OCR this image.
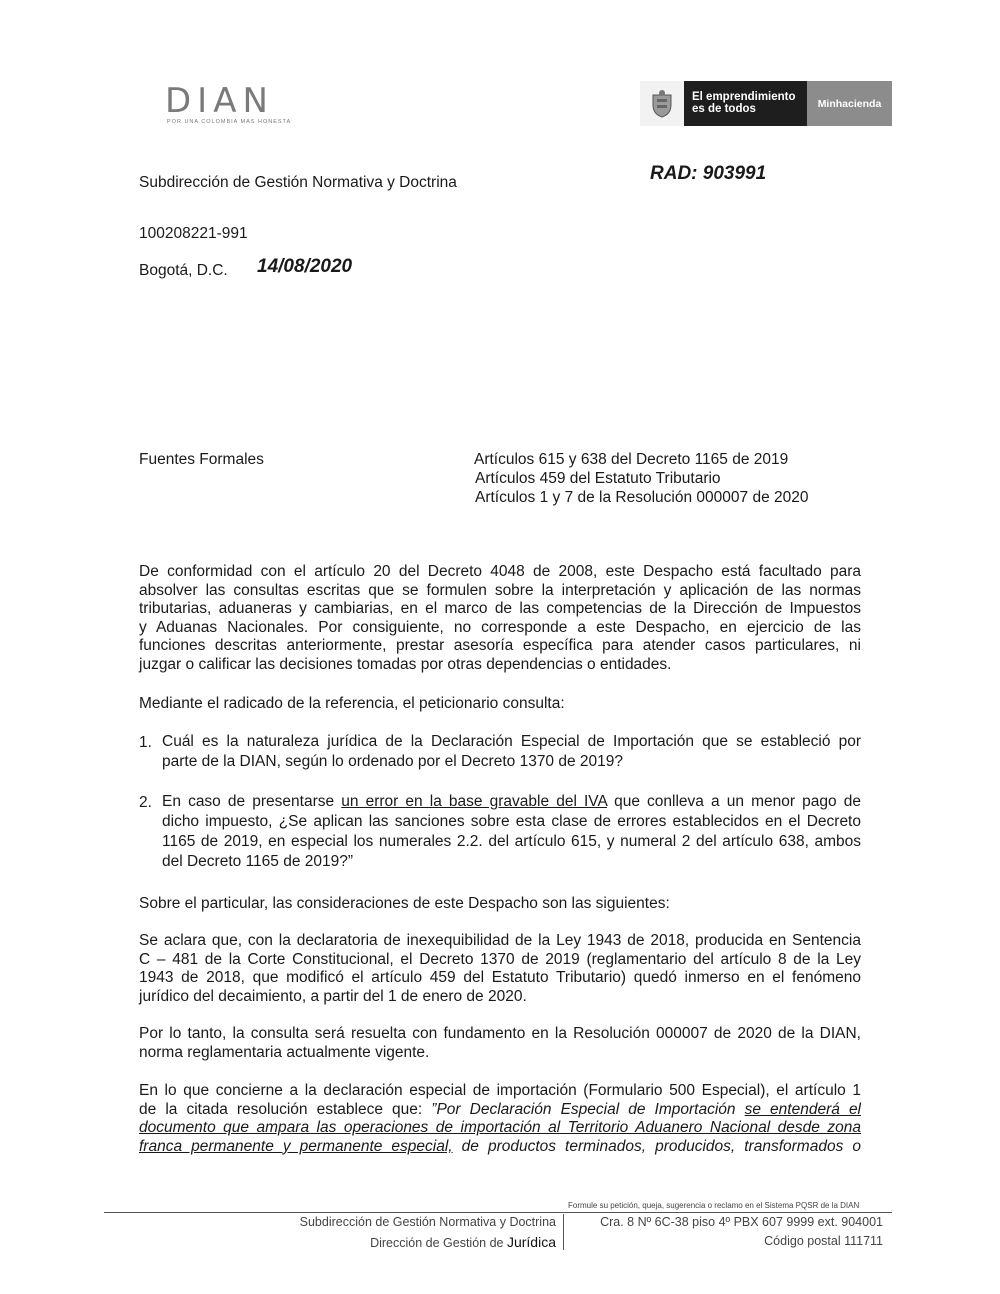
DIAN
POR UNA COLOMBIA MÁS HONESTA
El emprendimiento
es de todos	Minhacienda
Subdirección de Gestión Normativa y Doctrina	RAD: 903991
100208221-991
Bogotá, D.C. 14/08/2020
Fuentes Formales	Artículos 615 y 638 del Decreto 1165 de 2019
Artículos 459 del Estatuto Tributario
Artículos 1 y 7 de la Resolución 000007 de 2020
De conformidad con el artículo 20 del Decreto 4048 de 2008, este Despacho está facultado para
absolver las consultas escritas que se formulen sobre la interpretación y aplicación de las normas
tributarias, aduaneras y cambiarias, en el marco de las competencias de la Dirección de Impuestos
y Aduanas Nacionales. Por consiguiente, no corresponde a este Despacho, en ejercicio de las
funciones descritas anteriormente, prestar asesoría específica para atender casos particulares, ni
juzgar o calificar las decisiones tomadas por otras dependencias o entidades.
Mediante el radicado de la referencia, el peticionario consulta:
1. Cuál es la naturaleza jurídica de la Declaración Especial de Importación que se estableció por
parte de la DIAN, según lo ordenado por el Decreto 1370 de 2019?
2. En caso de presentarse un error en la base gravable del IVA que conlleva a un menor pago de
dicho impuesto, ¿Se aplican las sanciones sobre esta clase de errores establecidos en el Decreto
1165 de 2019, en especial los numerales 2.2. del artículo 615, y numeral 2 del artículo 638, ambos
del Decreto 1165 de 2019?”
Sobre el particular, las consideraciones de este Despacho son las siguientes:
Se aclara que, con la declaratoria de inexequibilidad de la Ley 1943 de 2018, producida en Sentencia
C – 481 de la Corte Constitucional, el Decreto 1370 de 2019 (reglamentario del artículo 8 de la Ley
1943 de 2018, que modificó el artículo 459 del Estatuto Tributario) quedó inmerso en el fenómeno
jurídico del decaimiento, a partir del 1 de enero de 2020.
Por lo tanto, la consulta será resuelta con fundamento en la Resolución 000007 de 2020 de la DIAN,
norma reglamentaria actualmente vigente.
En lo que concierne a la declaración especial de importación (Formulario 500 Especial), el artículo 1
de la citada resolución establece que: ”Por Declaración Especial de Importación se entenderá el
documento que ampara las operaciones de importación al Territorio Aduanero Nacional desde zona
franca permanente y permanente especial, de productos terminados, producidos, transformados o
Formule su petición, queja, sugerencia o reclamo en el Sistema PQSR de la DIAN
Subdirección de Gestión Normativa y Doctrina
Dirección de Gestión de Jurídica
Cra. 8 Nº 6C-38 piso 4º PBX 607 9999 ext. 904001
Código postal 111711
